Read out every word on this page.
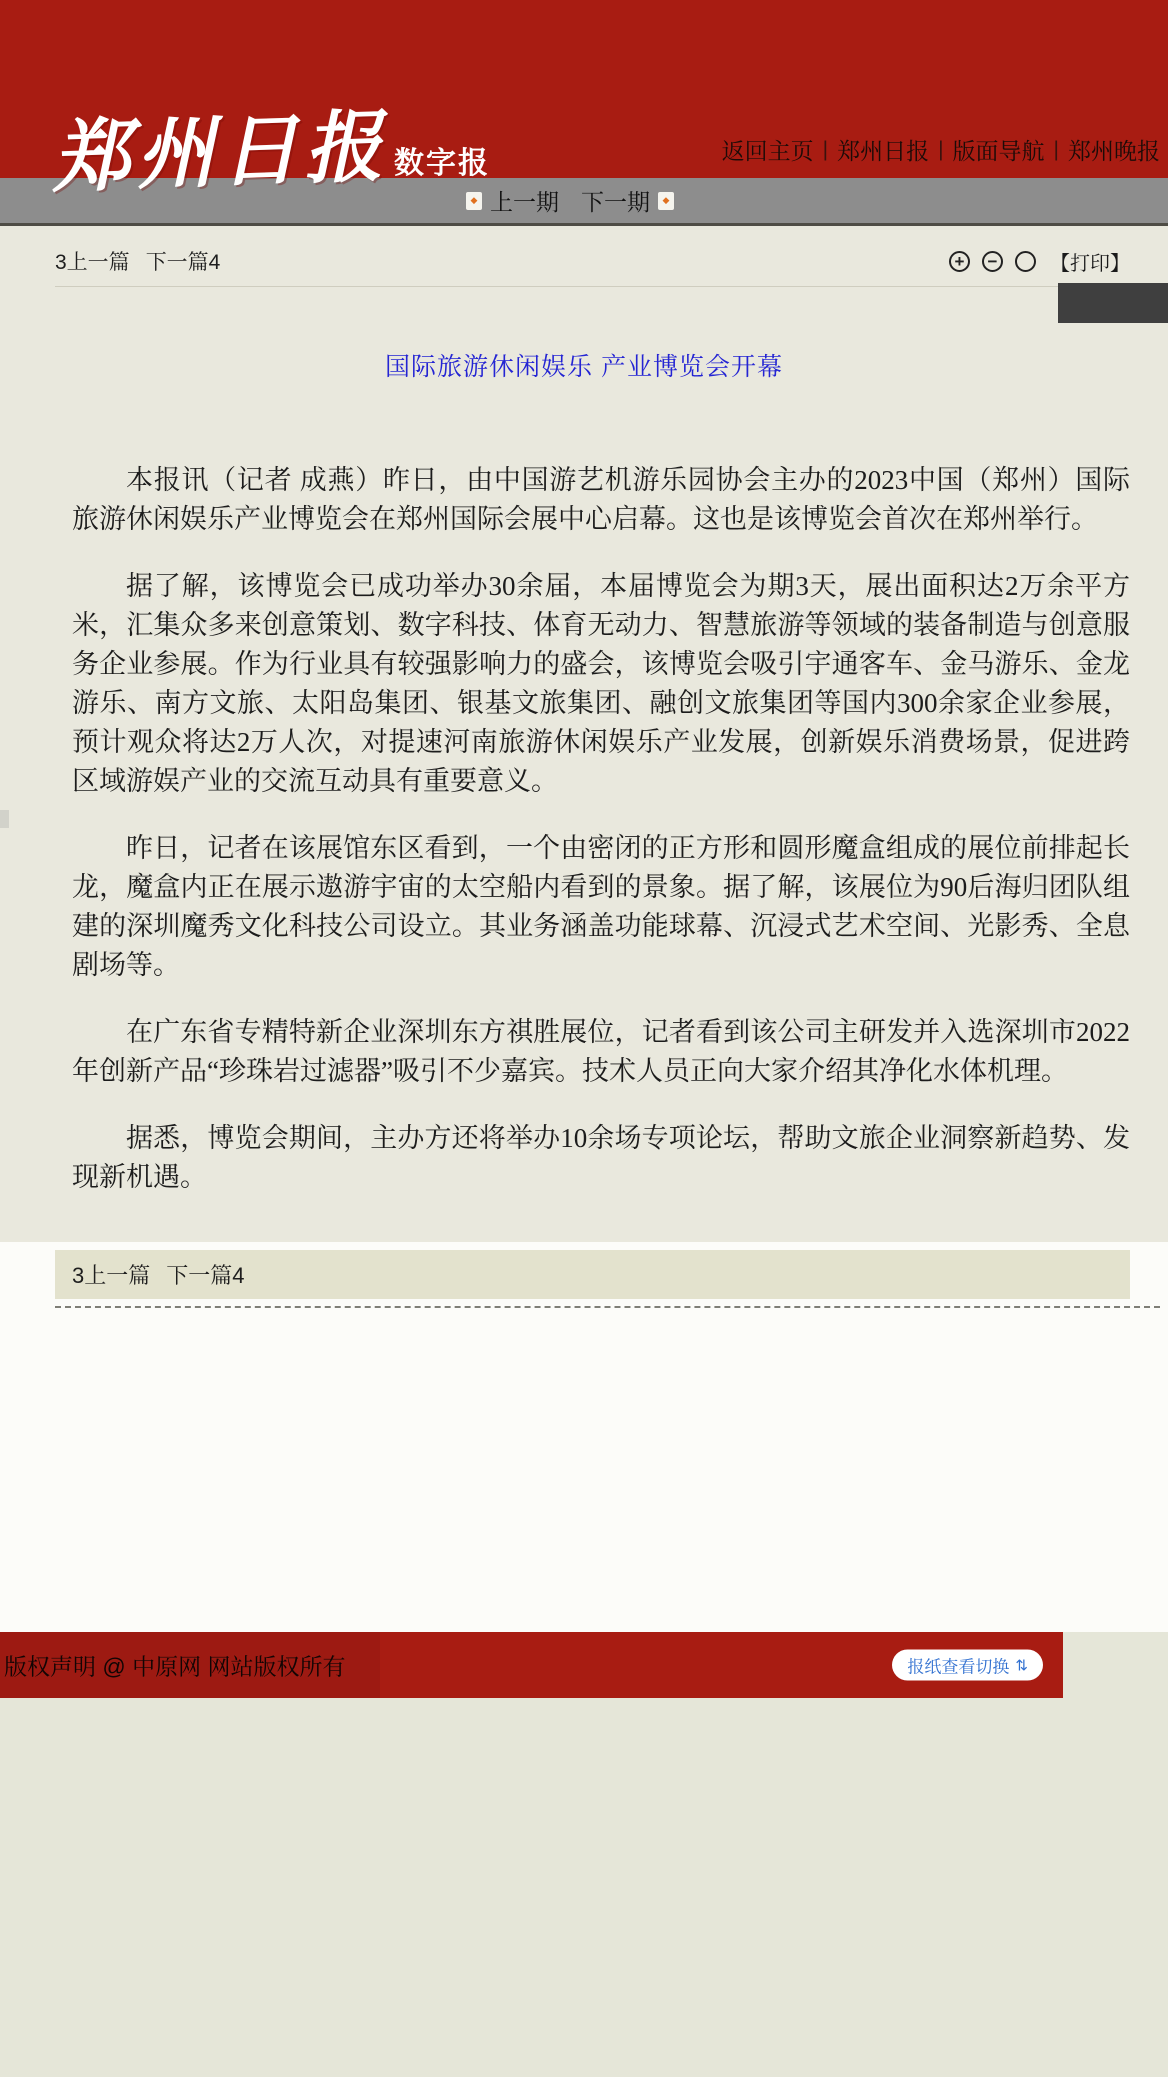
郑州日报 数字报	返回主页 | 郑州日报 | 版面导航 | 郑州晚报
◆ 上一期 下一期	◆
3上一篇 下一篇4	+	−	【打印】
国际旅游休闲娱乐 产业博览会开幕

本报讯（记者 成燕）昨日，由中国游艺机游乐园协会主办的2023中国（郑州）国际旅游休闲娱乐产业博览会在郑州国际会展中心启幕。这也是该博览会首次在郑州举行。

据了解，该博览会已成功举办30余届，本届博览会为期3天，展出面积达2万余平方米，汇集众多来创意策划、数字科技、体育无动力、智慧旅游等领域的装备制造与创意服务企业参展。作为行业具有较强影响力的盛会，该博览会吸引宇通客车、金马游乐、金龙游乐、南方文旅、太阳岛集团、银基文旅集团、融创文旅集团等国内300余家企业参展，预计观众将达2万人次，对提速河南旅游休闲娱乐产业发展，创新娱乐消费场景，促进跨区域游娱产业的交流互动具有重要意义。

昨日，记者在该展馆东区看到，一个由密闭的正方形和圆形魔盒组成的展位前排起长龙，魔盒内正在展示遨游宇宙的太空船内看到的景象。据了解，该展位为90后海归团队组建的深圳魔秀文化科技公司设立。其业务涵盖功能球幕、沉浸式艺术空间、光影秀、全息剧场等。

在广东省专精特新企业深圳东方祺胜展位，记者看到该公司主研发并入选深圳市2022年创新产品“珍珠岩过滤器”吸引不少嘉宾。技术人员正向大家介绍其净化水体机理。

据悉，博览会期间，主办方还将举办10余场专项论坛，帮助文旅企业洞察新趋势、发现新机遇。

3上一篇 下一篇4
版权声明 @ 中原网 网站版权所有	报纸查看切换 ⇅
